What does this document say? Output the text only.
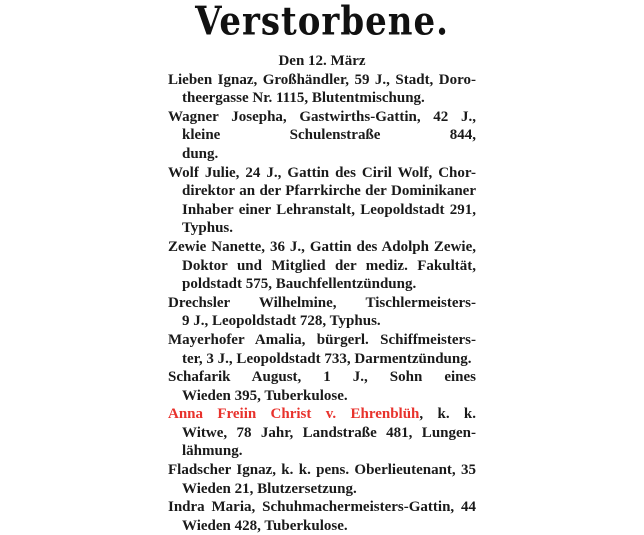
Verstorbene.
Den 12. März
Lieben Ignaz, Großhändler, 59 J., Stadt, Doro-
theergasse Nr. 1115, Blutentmischung.
Wagner Josepha, Gastwirths-Gattin, 42 J.,
kleine Schulenstraße 844,
dung.
Wolf Julie, 24 J., Gattin des Ciril Wolf, Chor-
direktor an der Pfarrkirche der Dominikaner
Inhaber einer Lehranstalt, Leopoldstadt 291,
Typhus.
Zewie Nanette, 36 J., Gattin des Adolph Zewie,
Doktor und Mitglied der mediz. Fakultät,
poldstadt 575, Bauchfellentzündung.
Drechsler Wilhelmine, Tischlermeisters-
9 J., Leopoldstadt 728, Typhus.
Mayerhofer Amalia, bürgerl. Schiffmeisters-
ter, 3 J., Leopoldstadt 733, Darmentzündung.
Schafarik August, 1 J., Sohn eines
Wieden 395, Tuberkulose.
Anna Freiin Christ v. Ehrenblüh, k. k.
Witwe, 78 Jahr, Landstraße 481, Lungen-
lähmung.
Fladscher Ignaz, k. k. pens. Oberlieutenant, 35
Wieden 21, Blutzersetzung.
Indra Maria, Schuhmachermeisters-Gattin, 44
Wieden 428, Tuberkulose.
